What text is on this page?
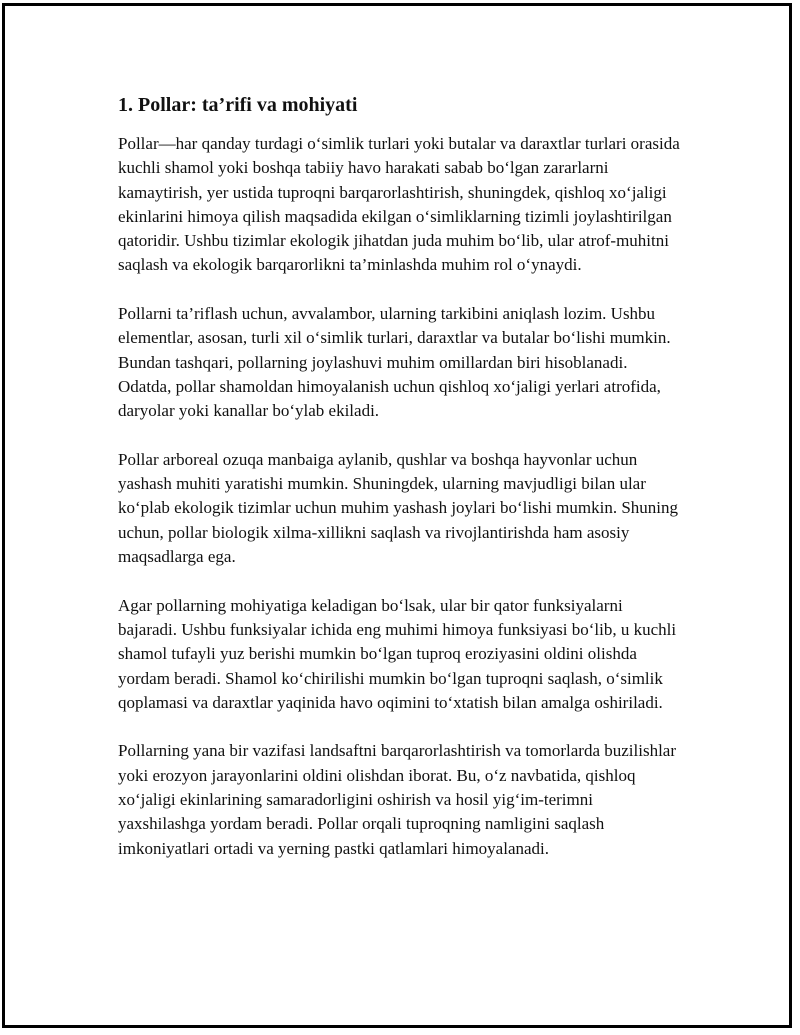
1. Pollar: ta’rifi va mohiyati

Pollar—har qanday turdagi o‘simlik turlari yoki butalar va daraxtlar turlari orasida kuchli shamol yoki boshqa tabiiy havo harakati sabab bo‘lgan zararlarni kamaytirish, yer ustida tuproqni barqarorlashtirish, shuningdek, qishloq xo‘jaligi ekinlarini himoya qilish maqsadida ekilgan o‘simliklarning tizimli joylashtirilgan qatoridir. Ushbu tizimlar ekologik jihatdan juda muhim bo‘lib, ular atrof-muhitni saqlash va ekologik barqarorlikni ta’minlashda muhim rol o‘ynaydi.

Pollarni ta’riflash uchun, avvalambor, ularning tarkibini aniqlash lozim. Ushbu elementlar, asosan, turli xil o‘simlik turlari, daraxtlar va butalar bo‘lishi mumkin. Bundan tashqari, pollarning joylashuvi muhim omillardan biri hisoblanadi. Odatda, pollar shamoldan himoyalanish uchun qishloq xo‘jaligi yerlari atrofida, daryolar yoki kanallar bo‘ylab ekiladi.

Pollar arboreal ozuqa manbaiga aylanib, qushlar va boshqa hayvonlar uchun yashash muhiti yaratishi mumkin. Shuningdek, ularning mavjudligi bilan ular ko‘plab ekologik tizimlar uchun muhim yashash joylari bo‘lishi mumkin. Shuning uchun, pollar biologik xilma-xillikni saqlash va rivojlantirishda ham asosiy maqsadlarga ega.

Agar pollarning mohiyatiga keladigan bo‘lsak, ular bir qator funksiyalarni bajaradi. Ushbu funksiyalar ichida eng muhimi himoya funksiyasi bo‘lib, u kuchli shamol tufayli yuz berishi mumkin bo‘lgan tuproq eroziyasini oldini olishda yordam beradi. Shamol ko‘chirilishi mumkin bo‘lgan tuproqni saqlash, o‘simlik qoplamasi va daraxtlar yaqinida havo oqimini to‘xtatish bilan amalga oshiriladi.

Pollarning yana bir vazifasi landsaftni barqarorlashtirish va tomorlarda buzilishlar yoki erozyon jarayonlarini oldini olishdan iborat. Bu, o‘z navbatida, qishloq xo‘jaligi ekinlarining samaradorligini oshirish va hosil yig‘im-terimni yaxshilashga yordam beradi. Pollar orqali tuproqning namligini saqlash imkoniyatlari ortadi va yerning pastki qatlamlari himoyalanadi.
